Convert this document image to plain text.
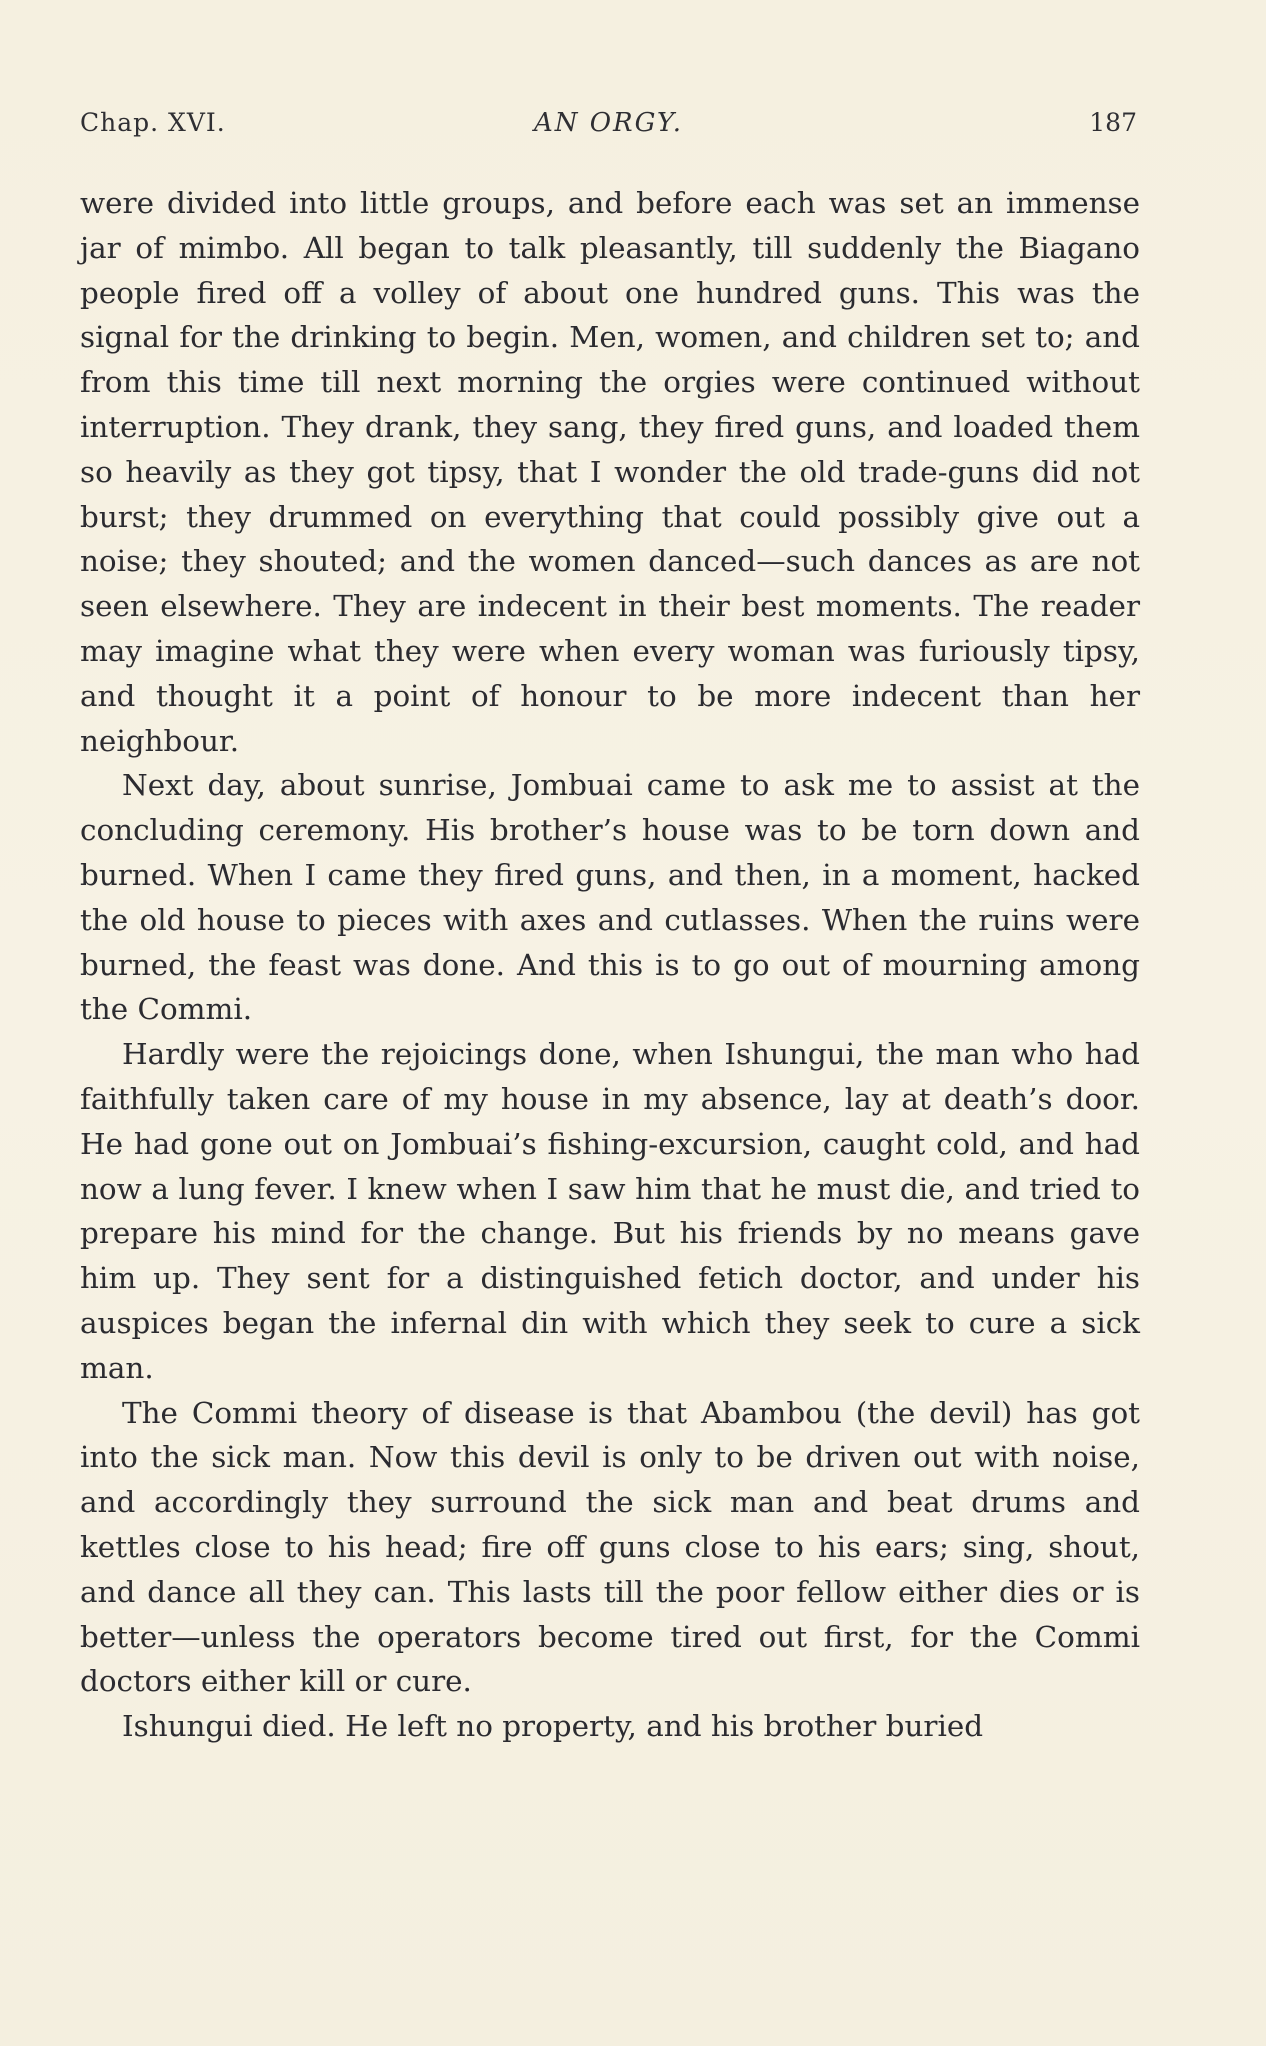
Chap. XVI.	AN ORGY.	187

were divided into little groups, and before each was set an immense jar of mimbo. All began to talk pleasantly, till suddenly the Biagano people fired off a volley of about one hundred guns. This was the signal for the drinking to begin. Men, women, and children set to; and from this time till next morning the orgies were continued without interruption. They drank, they sang, they fired guns, and loaded them so heavily as they got tipsy, that I wonder the old trade-guns did not burst; they drummed on everything that could possibly give out a noise; they shouted; and the women danced—such dances as are not seen elsewhere. They are indecent in their best moments. The reader may imagine what they were when every woman was furiously tipsy, and thought it a point of honour to be more indecent than her neighbour.

Next day, about sunrise, Jombuai came to ask me to assist at the concluding ceremony. His brother’s house was to be torn down and burned. When I came they fired guns, and then, in a moment, hacked the old house to pieces with axes and cutlasses. When the ruins were burned, the feast was done. And this is to go out of mourning among the Commi.

Hardly were the rejoicings done, when Ishungui, the man who had faithfully taken care of my house in my absence, lay at death’s door. He had gone out on Jombuai’s fishing-excursion, caught cold, and had now a lung fever. I knew when I saw him that he must die, and tried to prepare his mind for the change. But his friends by no means gave him up. They sent for a distinguished fetich doctor, and under his auspices began the infernal din with which they seek to cure a sick man.

The Commi theory of disease is that Abambou (the devil) has got into the sick man. Now this devil is only to be driven out with noise, and accordingly they surround the sick man and beat drums and kettles close to his head; fire off guns close to his ears; sing, shout, and dance all they can. This lasts till the poor fellow either dies or is better—unless the operators become tired out first, for the Commi doctors either kill or cure.

Ishungui died. He left no property, and his brother buried
